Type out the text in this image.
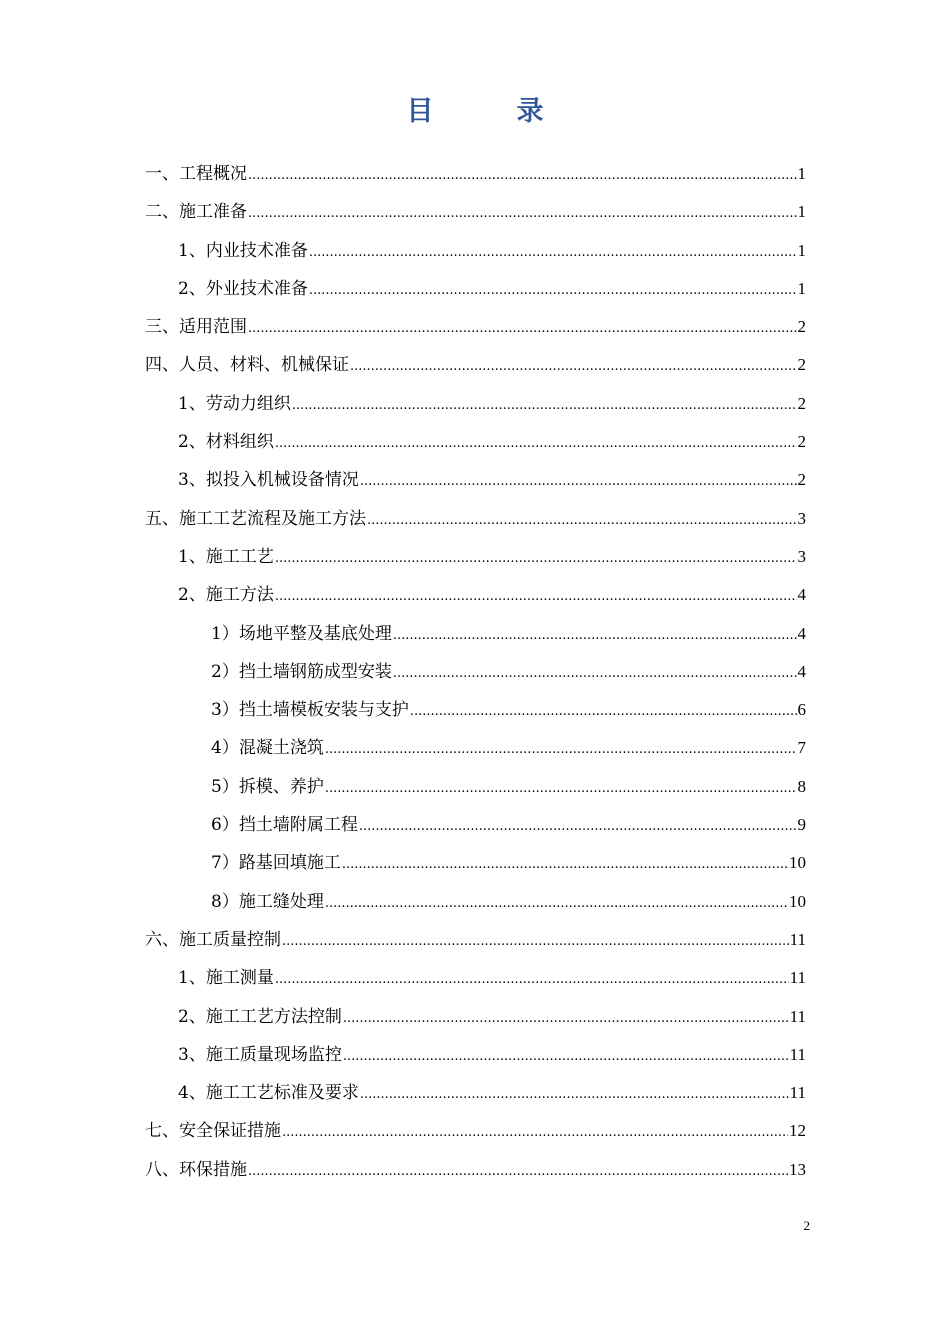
目　录
一、工程概况 .....	1
二、施工准备 .....	1
1、内业技术准备 .....	1
2、外业技术准备 .....	1
三、适用范围 .....	2
四、人员、材料、机械保证 .....	2
1、劳动力组织 .....	2
2、材料组织 .....	2
3、拟投入机械设备情况 .....	2
五、施工工艺流程及施工方法 .....	3
1、施工工艺 .....	3
2、施工方法 .....	4
1）场地平整及基底处理 .....	4
2）挡土墙钢筋成型安装 .....	4
3）挡土墙模板安装与支护 .....	6
4）混凝土浇筑 .....	7
5）拆模、养护 .....	8
6）挡土墙附属工程 .....	9
7）路基回填施工 .....	10
8）施工缝处理 .....	10
六、施工质量控制 .....	11
1、施工测量 .....	11
2、施工工艺方法控制 .....	11
3、施工质量现场监控 .....	11
4、施工工艺标准及要求 .....	11
七、安全保证措施 .....	12
八、环保措施 .....	13
2
